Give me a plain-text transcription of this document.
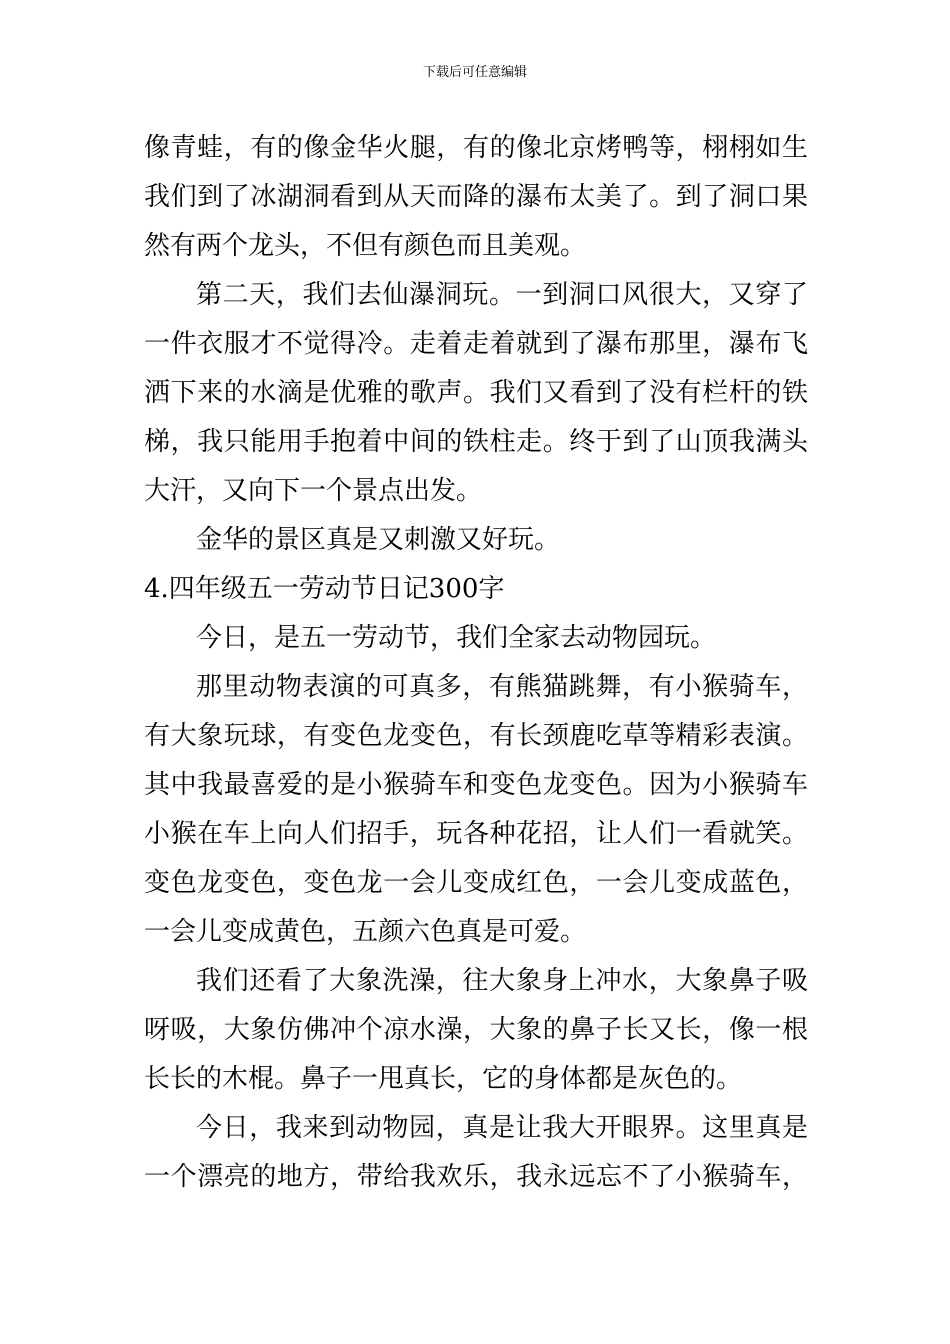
下载后可任意编辑
像青蛙，有的像金华火腿，有的像北京烤鸭等，栩栩如生
我们到了冰湖洞看到从天而降的瀑布太美了。到了洞口果
然有两个龙头，不但有颜色而且美观。
第二天，我们去仙瀑洞玩。一到洞口风很大，又穿了
一件衣服才不觉得冷。走着走着就到了瀑布那里，瀑布飞
洒下来的水滴是优雅的歌声。我们又看到了没有栏杆的铁
梯，我只能用手抱着中间的铁柱走。终于到了山顶我满头
大汗，又向下一个景点出发。
金华的景区真是又刺激又好玩。
4.四年级五一劳动节日记300字
今日，是五一劳动节，我们全家去动物园玩。
那里动物表演的可真多，有熊猫跳舞，有小猴骑车，
有大象玩球，有变色龙变色，有长颈鹿吃草等精彩表演。
其中我最喜爱的是小猴骑车和变色龙变色。因为小猴骑车
小猴在车上向人们招手，玩各种花招，让人们一看就笑。
变色龙变色，变色龙一会儿变成红色，一会儿变成蓝色，
一会儿变成黄色，五颜六色真是可爱。
我们还看了大象洗澡，往大象身上冲水，大象鼻子吸
呀吸，大象仿佛冲个凉水澡，大象的鼻子长又长，像一根
长长的木棍。鼻子一甩真长，它的身体都是灰色的。
今日，我来到动物园，真是让我大开眼界。这里真是
一个漂亮的地方，带给我欢乐，我永远忘不了小猴骑车，
